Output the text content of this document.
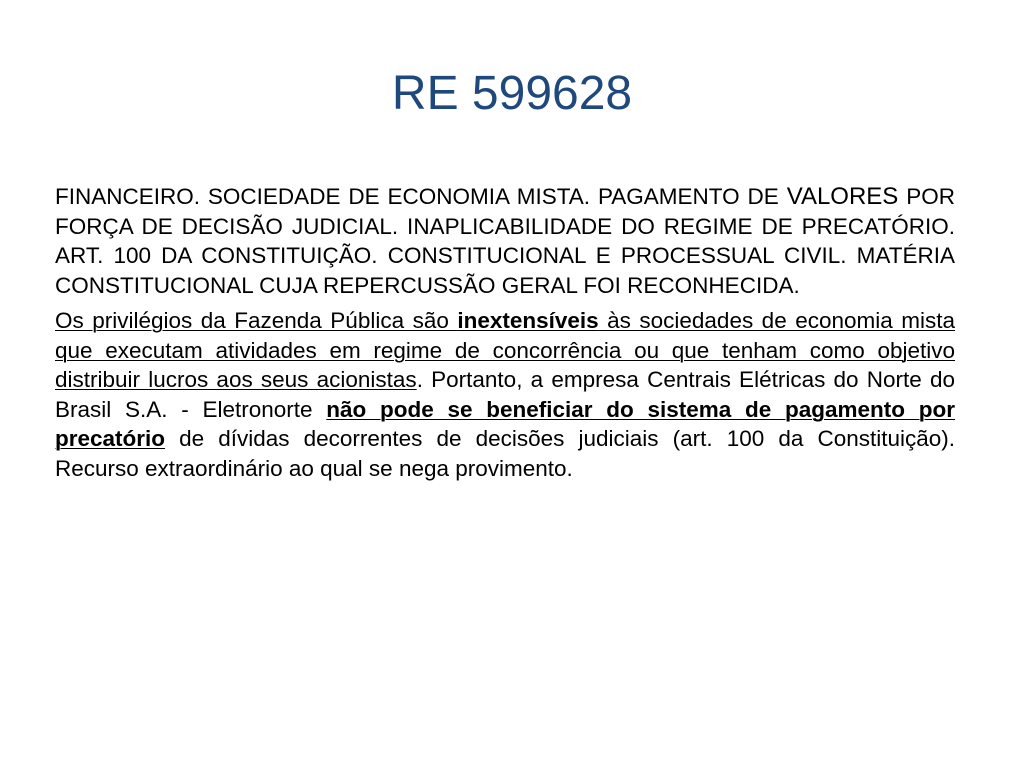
RE 599628

FINANCEIRO. SOCIEDADE DE ECONOMIA MISTA. PAGAMENTO DE VALORES POR FORÇA DE DECISÃO JUDICIAL. INAPLICABILIDADE DO REGIME DE PRECATÓRIO. ART. 100 DA CONSTITUIÇÃO. CONSTITUCIONAL E PROCESSUAL CIVIL. MATÉRIA CONSTITUCIONAL CUJA REPERCUSSÃO GERAL FOI RECONHECIDA.

Os privilégios da Fazenda Pública são inextensíveis às sociedades de economia mista que executam atividades em regime de concorrência ou que tenham como objetivo distribuir lucros aos seus acionistas. Portanto, a empresa Centrais Elétricas do Norte do Brasil S.A. - Eletronorte não pode se beneficiar do sistema de pagamento por precatório de dívidas decorrentes de decisões judiciais (art. 100 da Constituição). Recurso extraordinário ao qual se nega provimento.
